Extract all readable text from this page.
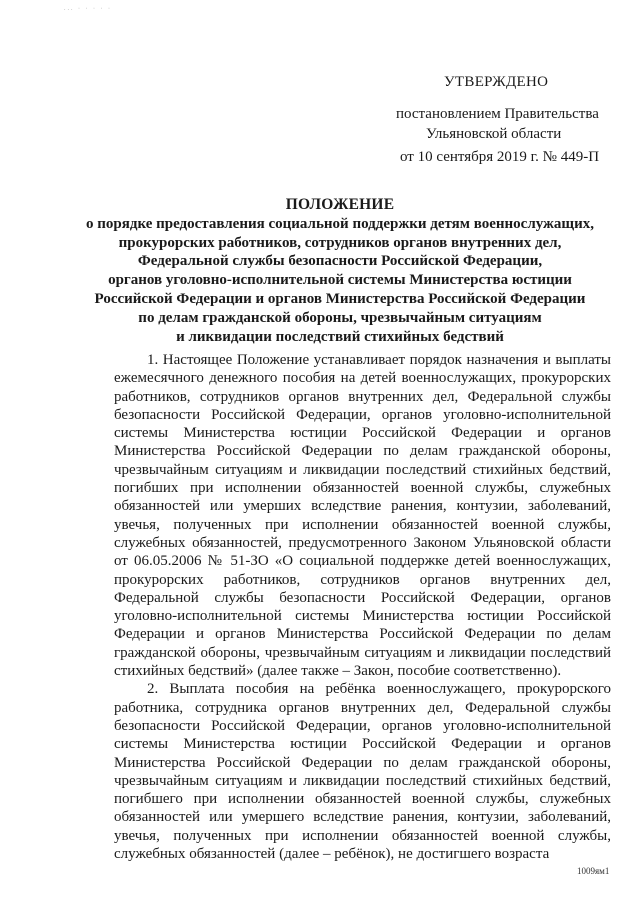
... · · · · ·
УТВЕРЖДЕНО
постановлением Правительства
Ульяновской области
от 10 сентября 2019 г. № 449-П
ПОЛОЖЕНИЕ
о порядке предоставления социальной поддержки детям военнослужащих,
прокурорских работников, сотрудников органов внутренних дел,
Федеральной службы безопасности Российской Федерации,
органов уголовно-исполнительной системы Министерства юстиции
Российской Федерации и органов Министерства Российской Федерации
по делам гражданской обороны, чрезвычайным ситуациям
и ликвидации последствий стихийных бедствий

1. Настоящее Положение устанавливает порядок назначения и выплаты ежемесячного денежного пособия на детей военнослужащих, прокурорских работников, сотрудников органов внутренних дел, Федеральной службы безопасности Российской Федерации, органов уголовно-исполнительной системы Министерства юстиции Российской Федерации и органов Министерства Российской Федерации по делам гражданской обороны, чрезвычайным ситуациям и ликвидации последствий стихийных бедствий, погибших при исполнении обязанностей военной службы, служебных обязанностей или умерших вследствие ранения, контузии, заболеваний, увечья, полученных при исполнении обязанностей военной службы, служебных обязанностей, предусмотренного Законом Ульяновской области от 06.05.2006 № 51-ЗО «О социальной поддержке детей военнослужащих, прокурорских работников, сотрудников органов внутренних дел, Федеральной службы безопасности Российской Федерации, органов уголовно-исполнительной системы Министерства юстиции Российской Федерации и органов Министерства Российской Федерации по делам гражданской обороны, чрезвычайным ситуациям и ликвидации последствий стихийных бедствий» (далее также – Закон, пособие соответственно).

2. Выплата пособия на ребёнка военнослужащего, прокурорского работника, сотрудника органов внутренних дел, Федеральной службы безопасности Российской Федерации, органов уголовно-исполнительной системы Министерства юстиции Российской Федерации и органов Министерства Российской Федерации по делам гражданской обороны, чрезвычайным ситуациям и ликвидации последствий стихийных бедствий, погибшего при исполнении обязанностей военной службы, служебных обязанностей или умершего вследствие ранения, контузии, заболеваний, увечья, полученных при исполнении обязанностей военной службы, служебных обязанностей (далее – ребёнок), не достигшего возраста

1009ям1
